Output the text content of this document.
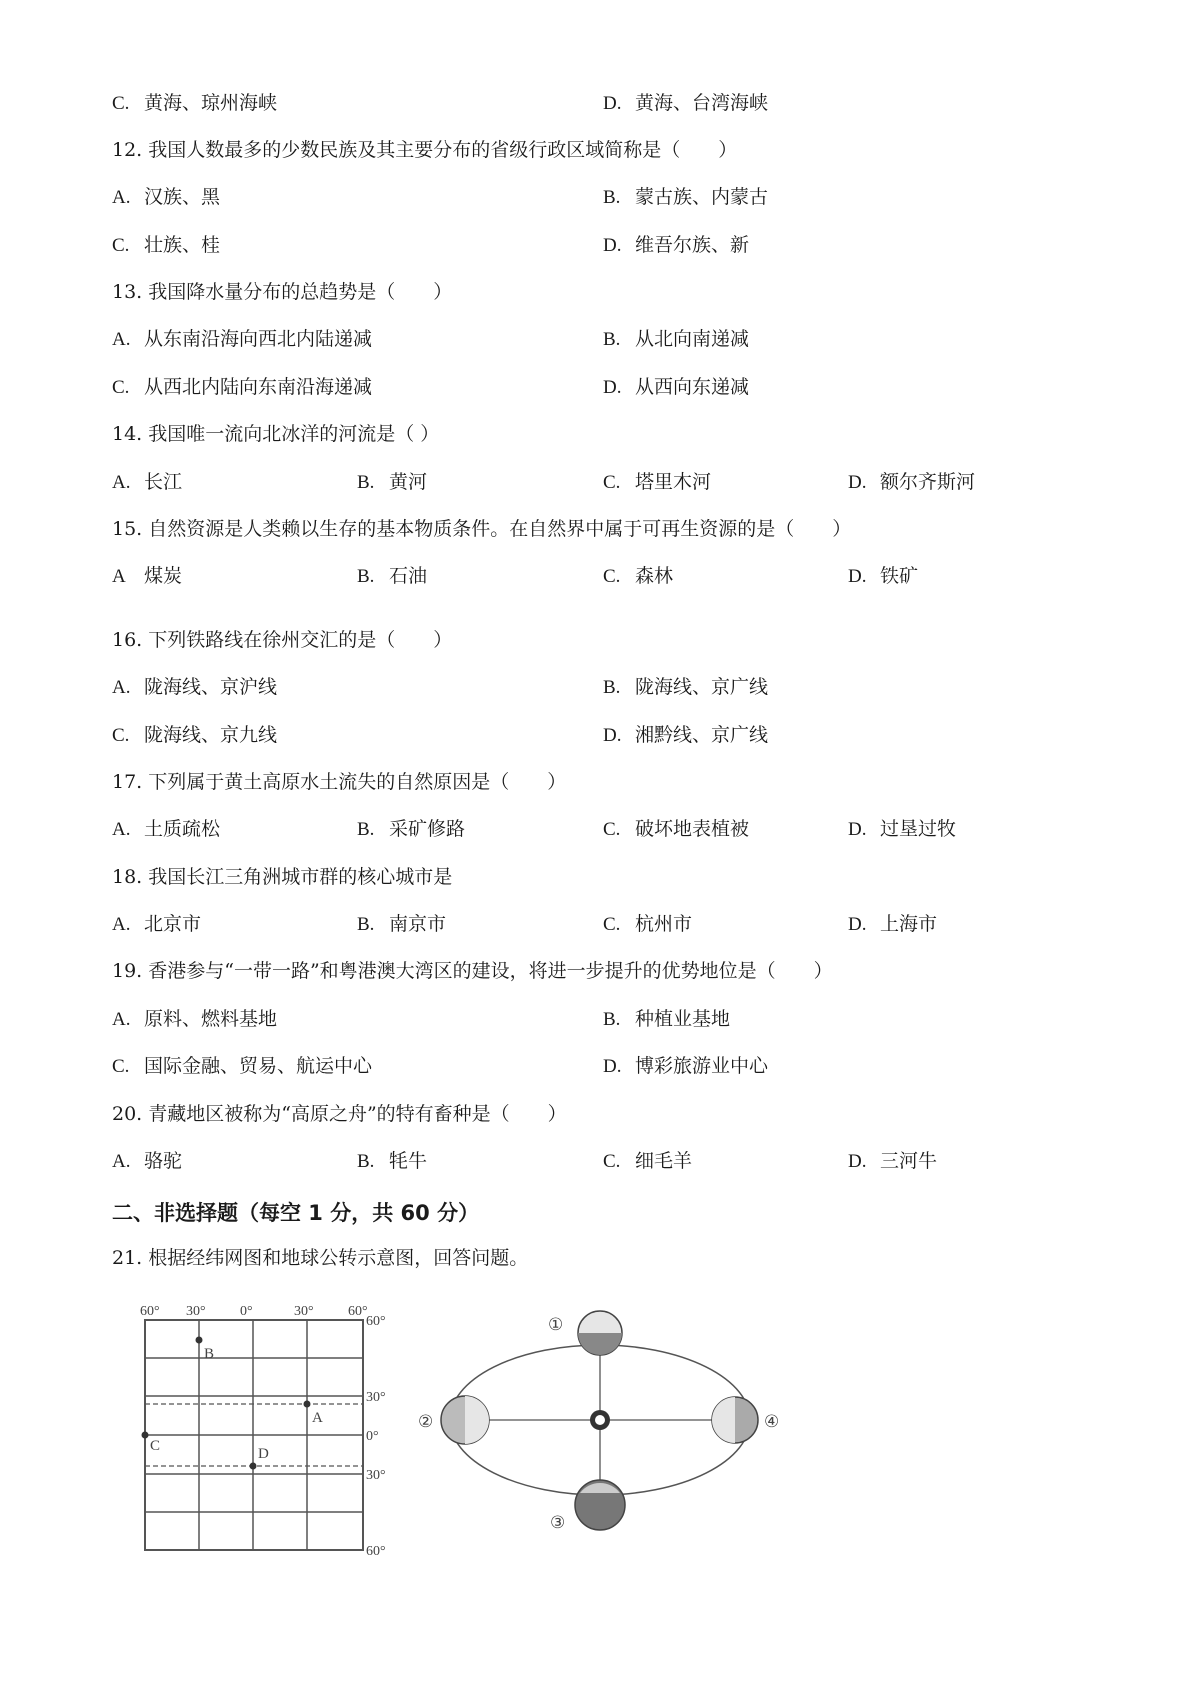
C. 黄海、琼州海峡	D. 黄海、台湾海峡
12. 我国人数最多的少数民族及其主要分布的省级行政区域简称是（　　）
A. 汉族、黑	B. 蒙古族、内蒙古
C. 壮族、桂	D. 维吾尔族、新
13. 我国降水量分布的总趋势是（　　）
A. 从东南沿海向西北内陆递减	B. 从北向南递减
C. 从西北内陆向东南沿海递减	D. 从西向东递减
14. 我国唯一流向北冰洋的河流是（ ）
A. 长江	B. 黄河	C. 塔里木河	D. 额尔齐斯河
15. 自然资源是人类赖以生存的基本物质条件。在自然界中属于可再生资源的是（　　）
A 煤炭	B. 石油	C. 森林	D. 铁矿
16. 下列铁路线在徐州交汇的是（　　）
A. 陇海线、京沪线	B. 陇海线、京广线
C. 陇海线、京九线	D. 湘黔线、京广线
17. 下列属于黄土高原水土流失的自然原因是（　　）
A. 土质疏松	B. 采矿修路	C. 破坏地表植被	D. 过垦过牧
18. 我国长江三角洲城市群的核心城市是
A. 北京市	B. 南京市	C. 杭州市	D. 上海市
19. 香港参与“一带一路”和粤港澳大湾区的建设，将进一步提升的优势地位是（　　）
A. 原料、燃料基地	B. 种植业基地
C. 国际金融、贸易、航运中心	D. 博彩旅游业中心
20. 青藏地区被称为“高原之舟”的特有畜种是（　　）
A. 骆驼	B. 牦牛	C. 细毛羊	D. 三河牛
二、非选择题（每空 1 分，共 60 分）
21. 根据经纬网图和地球公转示意图，回答问题。
60° 30° 0°	30° 60°
60°
30°
0°
30°
60°
A
B
C	D
①
②
③
④
